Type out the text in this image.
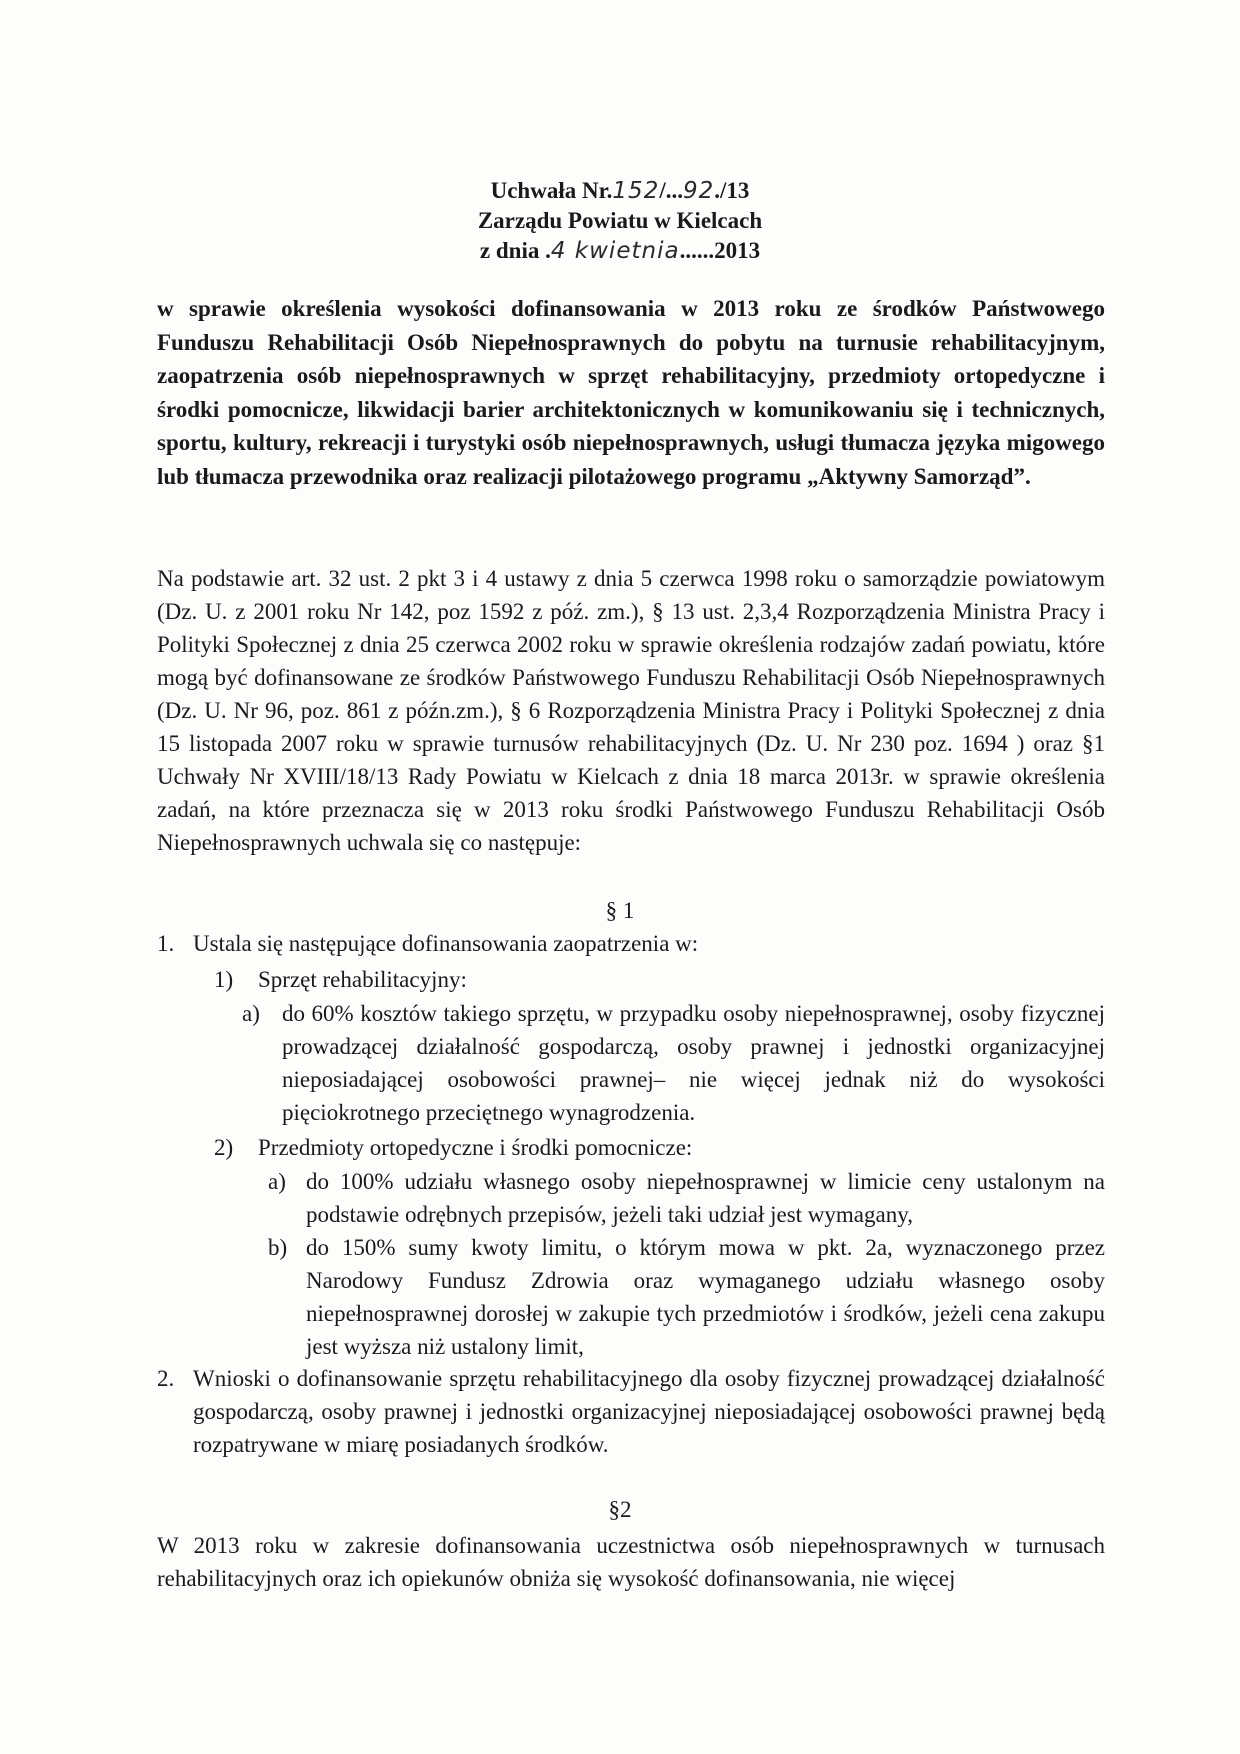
Uchwała Nr.152/...92./13
Zarządu Powiatu w Kielcach
z dnia .4 kwietnia......2013
w sprawie określenia wysokości dofinansowania w 2013 roku ze środków Państwowego Funduszu Rehabilitacji Osób Niepełnosprawnych do pobytu na turnusie rehabilitacyjnym, zaopatrzenia osób niepełnosprawnych w sprzęt rehabilitacyjny, przedmioty ortopedyczne i środki pomocnicze, likwidacji barier architektonicznych w komunikowaniu się i technicznych, sportu, kultury, rekreacji i turystyki osób niepełnosprawnych, usługi tłumacza języka migowego lub tłumacza przewodnika oraz realizacji pilotażowego programu „Aktywny Samorząd”.
Na podstawie art. 32 ust. 2 pkt 3 i 4 ustawy z dnia 5 czerwca 1998 roku o samorządzie powiatowym (Dz. U. z 2001 roku Nr 142, poz 1592 z póź. zm.), § 13 ust. 2,3,4 Rozporządzenia Ministra Pracy i Polityki Społecznej z dnia 25 czerwca 2002 roku w sprawie określenia rodzajów zadań powiatu, które mogą być dofinansowane ze środków Państwowego Funduszu Rehabilitacji Osób Niepełnosprawnych (Dz. U. Nr 96, poz. 861 z późn.zm.), § 6 Rozporządzenia Ministra Pracy i Polityki Społecznej z dnia 15 listopada 2007 roku w sprawie turnusów rehabilitacyjnych (Dz. U. Nr 230 poz. 1694 ) oraz §1 Uchwały Nr XVIII/18/13 Rady Powiatu w Kielcach z dnia 18 marca 2013r. w sprawie określenia zadań, na które przeznacza się w 2013 roku środki Państwowego Funduszu Rehabilitacji Osób Niepełnosprawnych uchwala się co następuje:
§ 1
1. Ustala się następujące dofinansowania zaopatrzenia w:
1) Sprzęt rehabilitacyjny:
a) do 60% kosztów takiego sprzętu, w przypadku osoby niepełnosprawnej, osoby fizycznej prowadzącej działalność gospodarczą, osoby prawnej i jednostki organizacyjnej nieposiadającej osobowości prawnej– nie więcej jednak niż do wysokości pięciokrotnego przeciętnego wynagrodzenia.
2) Przedmioty ortopedyczne i środki pomocnicze:
a) do 100% udziału własnego osoby niepełnosprawnej w limicie ceny ustalonym na podstawie odrębnych przepisów, jeżeli taki udział jest wymagany,
b) do 150% sumy kwoty limitu, o którym mowa w pkt. 2a, wyznaczonego przez Narodowy Fundusz Zdrowia oraz wymaganego udziału własnego osoby niepełnosprawnej dorosłej w zakupie tych przedmiotów i środków, jeżeli cena zakupu jest wyższa niż ustalony limit,
2. Wnioski o dofinansowanie sprzętu rehabilitacyjnego dla osoby fizycznej prowadzącej działalność gospodarczą, osoby prawnej i jednostki organizacyjnej nieposiadającej osobowości prawnej będą rozpatrywane w miarę posiadanych środków.
§2
W 2013 roku w zakresie dofinansowania uczestnictwa osób niepełnosprawnych w turnusach rehabilitacyjnych oraz ich opiekunów obniża się wysokość dofinansowania, nie więcej
